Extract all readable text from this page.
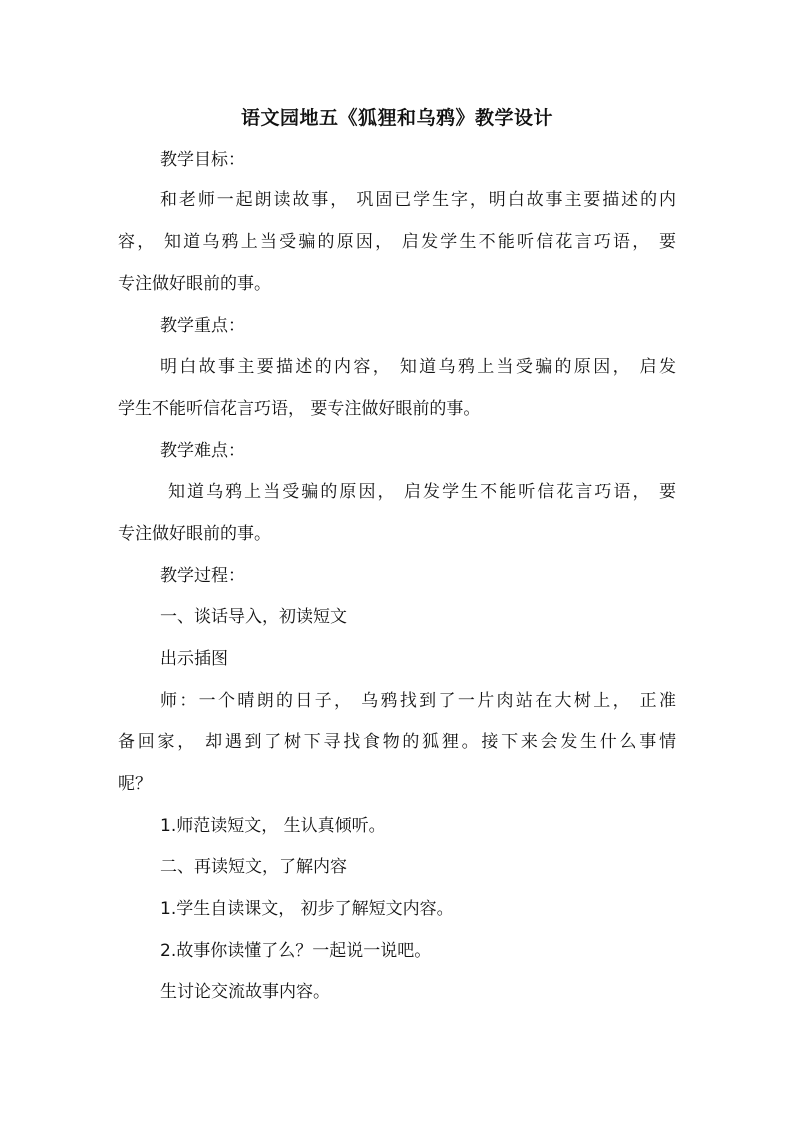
语文园地五《狐狸和乌鸦》教学设计

教学目标：

和老师一起朗读故事， 巩固已学生字，明白故事主要描述的内

容， 知道乌鸦上当受骗的原因， 启发学生不能听信花言巧语， 要

专注做好眼前的事。

教学重点：

明白故事主要描述的内容， 知道乌鸦上当受骗的原因， 启发

学生不能听信花言巧语， 要专注做好眼前的事。

教学难点：

知道乌鸦上当受骗的原因， 启发学生不能听信花言巧语， 要

专注做好眼前的事。

教学过程：

一、谈话导入，初读短文

出示插图

师：一个晴朗的日子， 乌鸦找到了一片肉站在大树上， 正准

备回家， 却遇到了树下寻找食物的狐狸。接下来会发生什么事情

呢？

1.师范读短文， 生认真倾听。

二、再读短文，了解内容

1.学生自读课文， 初步了解短文内容。

2.故事你读懂了么？一起说一说吧。

生讨论交流故事内容。
